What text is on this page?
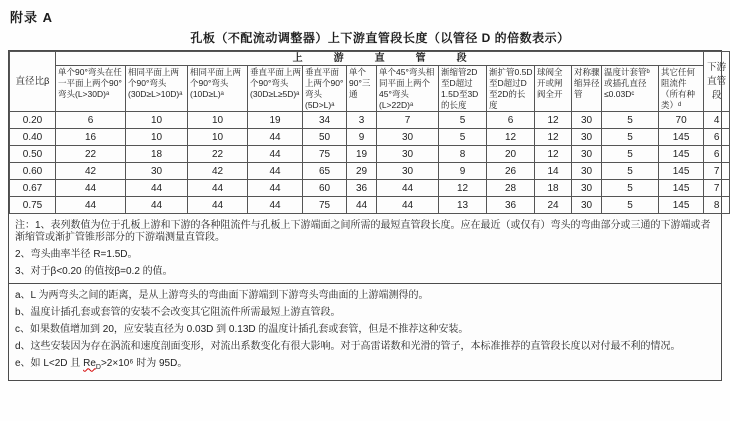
附录 A
孔板（不配流动调整器）上下游直管段长度（以管径 D 的倍数表示）
直径比β	上游直管段													下游直管段
	单个90°弯头在任一平面上两个90°弯头(L>30D)ᵃ	相同平面上两个90°弯头(30D≥L>10D)ᵃ	相同平面上两个90°弯头(10D≥L)ᵃ	垂直平面上两个90°弯头(30D≥L≥5D)ᵃ	垂直平面上两个90°弯头(5D>L)ᵃ	单个90°三通	单个45°弯头相同平面上两个45°弯头(L>22D)ᵃ	渐缩管2D至D超过1.5D至3D的长度	渐扩管0.5D至D超过D至2D的长度	球阀全开或闸阀全开	对称骤缩异径管	温度计套管ᵇ或插孔直径≤0.03Dᶜ	其它任何阻流件（所有种类）ᵈ	
0.20	6	10	10	19	34	3	7	5	6	12	30	5	70	4
0.40	16	10	10	44	50	9	30	5	12	12	30	5	145	6
0.50	22	18	22	44	75	19	30	8	20	12	30	5	145	6
0.60	42	30	42	44	65	29	30	9	26	14	30	5	145	7
0.67	44	44	44	44	60	36	44	12	28	18	30	5	145	7
0.75	44	44	44	44	75	44	44	13	36	24	30	5	145	8

注：1、表列数值为位于孔板上游和下游的各种阻流件与孔板上下游端面之间所需的最短直管段长度。应在最近（或仅有）弯头的弯曲部分或三通的下游端或者渐缩管或渐扩管锥形部分的下游端测量直管段。

2、弯头曲率半径 R=1.5D。

3、对于β<0.20 的值按β=0.2 的值。

a、L 为两弯头之间的距离，是从上游弯头的弯曲面下游端到下游弯头弯曲面的上游端测得的。

b、温度计插孔套或套管的安装不会改变其它阻流件所需最短上游直管段。

c、如果数值增加到 20，应安装直径为 0.03D 到 0.13D 的温度计插孔套或套管，但是不推荐这种安装。

d、这些安装因为存在涡流和速度剖面变形，对流出系数变化有很大影响。对于高雷诺数和光滑的管子，本标准推荐的直管段长度以对付最不利的情况。

e、如 L<2D 且 $Re_D>2\times 10^6$ 时为 95D。
